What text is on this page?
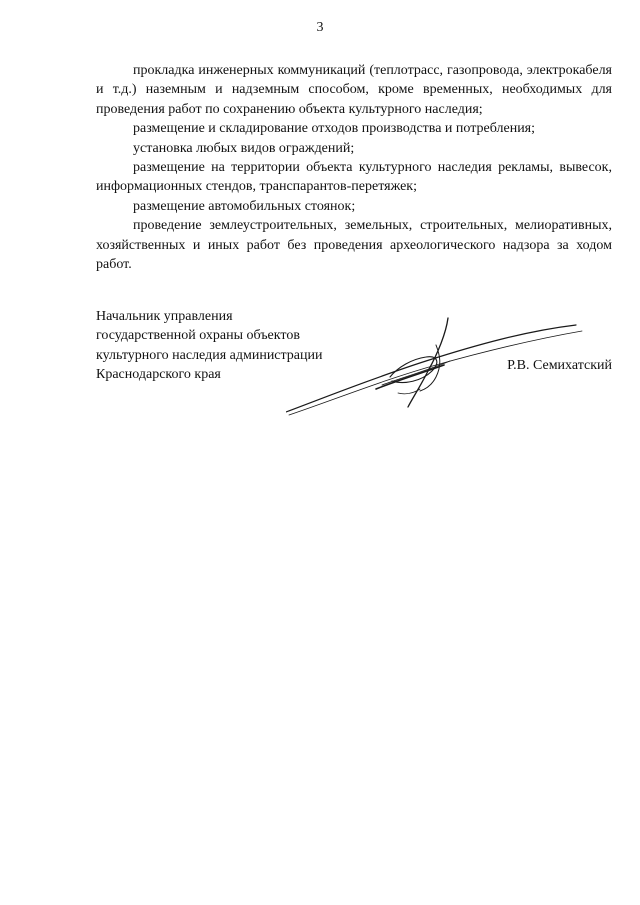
3

прокладка инженерных коммуникаций (теплотрасс, газопровода, электрокабеля и т.д.) наземным и надземным способом, кроме временных, необходимых для проведения работ по сохранению объекта культурного наследия;

размещение и складирование отходов производства и потребления;

установка любых видов ограждений;

размещение на территории объекта культурного наследия рекламы, вывесок, информационных стендов, транспарантов-перетяжек;

размещение автомобильных стоянок;

проведение землеустроительных, земельных, строительных, мелиоративных, хозяйственных и иных работ без проведения археологического надзора за ходом работ.

Начальник управления
государственной охраны объектов
культурного наследия администрации
Краснодарского края
Р.В. Семихатский
